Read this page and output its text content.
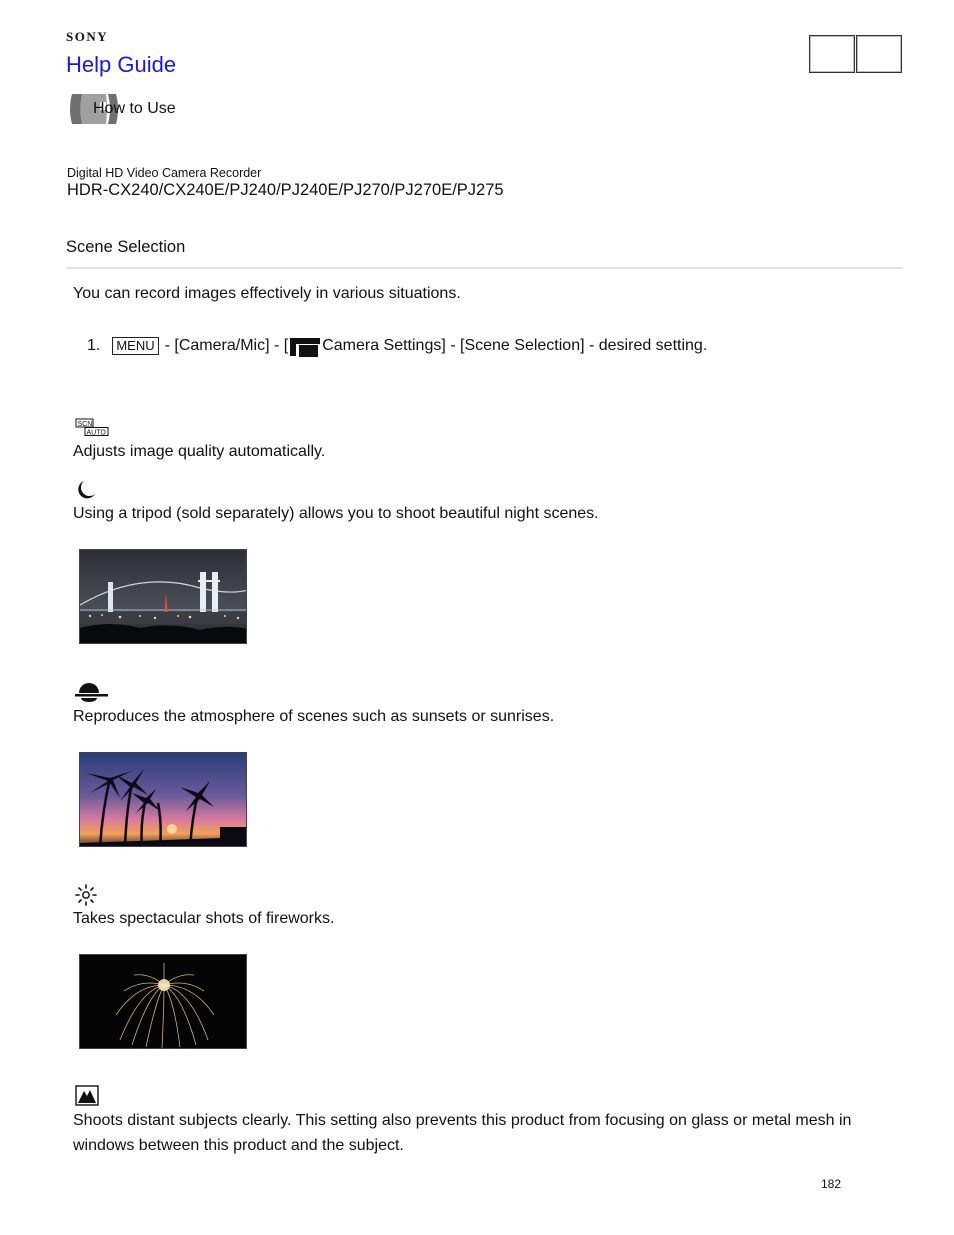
SONY
Help Guide
How to Use
Digital HD Video Camera Recorder
HDR-CX240/CX240E/PJ240/PJ240E/PJ270/PJ270E/PJ275
Scene Selection
You can record images effectively in various situations.
1.	MENU - [Camera/Mic] - [ Camera Settings] - [Scene Selection] - desired setting.
SCN
AUTO
Adjusts image quality automatically.
Using a tripod (sold separately) allows you to shoot beautiful night scenes.
Reproduces the atmosphere of scenes such as sunsets or sunrises.
Takes spectacular shots of fireworks.
Shoots distant subjects clearly. This setting also prevents this product from focusing on glass or metal mesh in windows between this product and the subject.
182
